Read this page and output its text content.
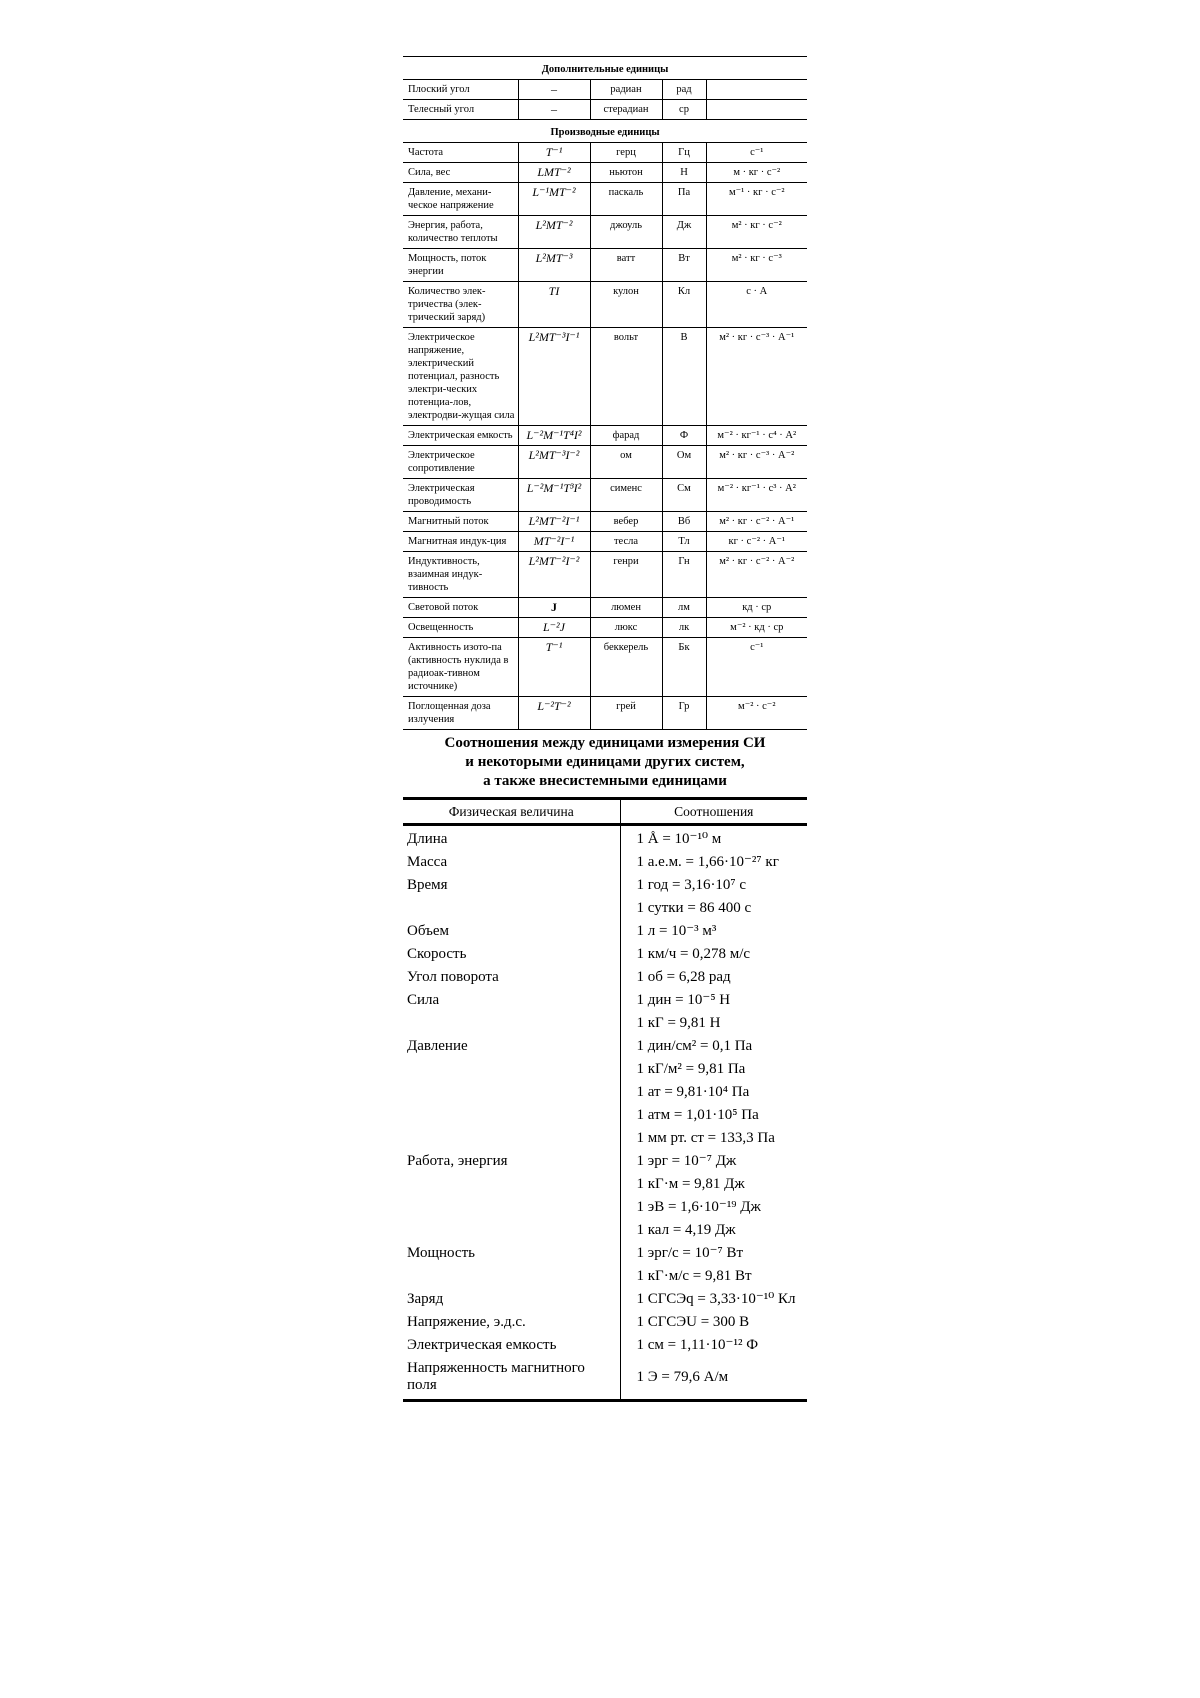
Дополнительные единицы				
Плоский угол	–	радиан	рад	
Телесный угол	–	стерадиан	ср	
Производные единицы				
Частота	T⁻¹	герц	Гц	с⁻¹
Сила, вес	LMT⁻²	ньютон	Н	м · кг · с⁻²
Давление, механи-ческое напряжение	L⁻¹MT⁻²	паскаль	Па	м⁻¹ · кг · с⁻²
Энергия, работа, количество теплоты	L²MT⁻²	джоуль	Дж	м² · кг · с⁻²
Мощность, поток энергии	L²MT⁻³	ватт	Вт	м² · кг · с⁻³
Количество элек-тричества (элек-трический заряд)	TI	кулон	Кл	с · А
Электрическое напряжение, электрический потенциал, разность электри-ческих потенциа-лов, электродви-жущая сила	L²MT⁻³I⁻¹	вольт	В	м² · кг · с⁻³ · А⁻¹
Электрическая емкость	L⁻²M⁻¹T⁴I²	фарад	Ф	м⁻² · кг⁻¹ · с⁴ · А²
Электрическое сопротивление	L²MT⁻³I⁻²	ом	Ом	м² · кг · с⁻³ · А⁻²
Электрическая проводимость	L⁻²M⁻¹T³I²	сименс	См	м⁻² · кг⁻¹ · с³ · А²
Магнитный поток	L²MT⁻²I⁻¹	вебер	Вб	м² · кг · с⁻² · А⁻¹
Магнитная индук-ция	MT⁻²I⁻¹	тесла	Тл	кг · с⁻² · А⁻¹
Индуктивность, взаимная индук-тивность	L²MT⁻²I⁻²	генри	Гн	м² · кг · с⁻² · А⁻²
Световой поток	J	люмен	лм	кд · ср
Освещенность	L⁻²J	люкс	лк	м⁻² · кд · ср
Активность изото-па (активность нуклида в радиоак-тивном источнике)	T⁻¹	беккерель	Бк	с⁻¹
Поглощенная доза излучения	L⁻²T⁻²	грей	Гр	м⁻² · с⁻²
Соотношения между единицами измерения СИ
и некоторыми единицами других систем,
а также внесистемными единицами
Физическая величина	Соотношения
Длина	1 Å = 10⁻¹⁰ м
Масса	1 а.е.м. = 1,66·10⁻²⁷ кг
Время	1 год = 3,16·10⁷ с
	1 сутки = 86 400 с
Объем	1 л = 10⁻³ м³
Скорость	1 км/ч = 0,278 м/с
Угол поворота	1 об = 6,28 рад
Сила	1 дин = 10⁻⁵ Н
	1 кГ = 9,81 Н
Давление	1 дин/см² = 0,1 Па
	1 кГ/м² = 9,81 Па
	1 ат = 9,81·10⁴ Па
	1 атм = 1,01·10⁵ Па
	1 мм рт. ст = 133,3 Па
Работа, энергия	1 эрг = 10⁻⁷ Дж
	1 кГ·м = 9,81 Дж
	1 эВ = 1,6·10⁻¹⁹ Дж
	1 кал = 4,19 Дж
Мощность	1 эрг/с = 10⁻⁷ Вт
	1 кГ·м/с = 9,81 Вт
Заряд	1 СГСЭq = 3,33·10⁻¹⁰ Кл
Напряжение, э.д.с.	1 СГСЭU = 300 В
Электрическая емкость	1 см = 1,11·10⁻¹² Ф
Напряженность магнитного поля	1 Э = 79,6 А/м
